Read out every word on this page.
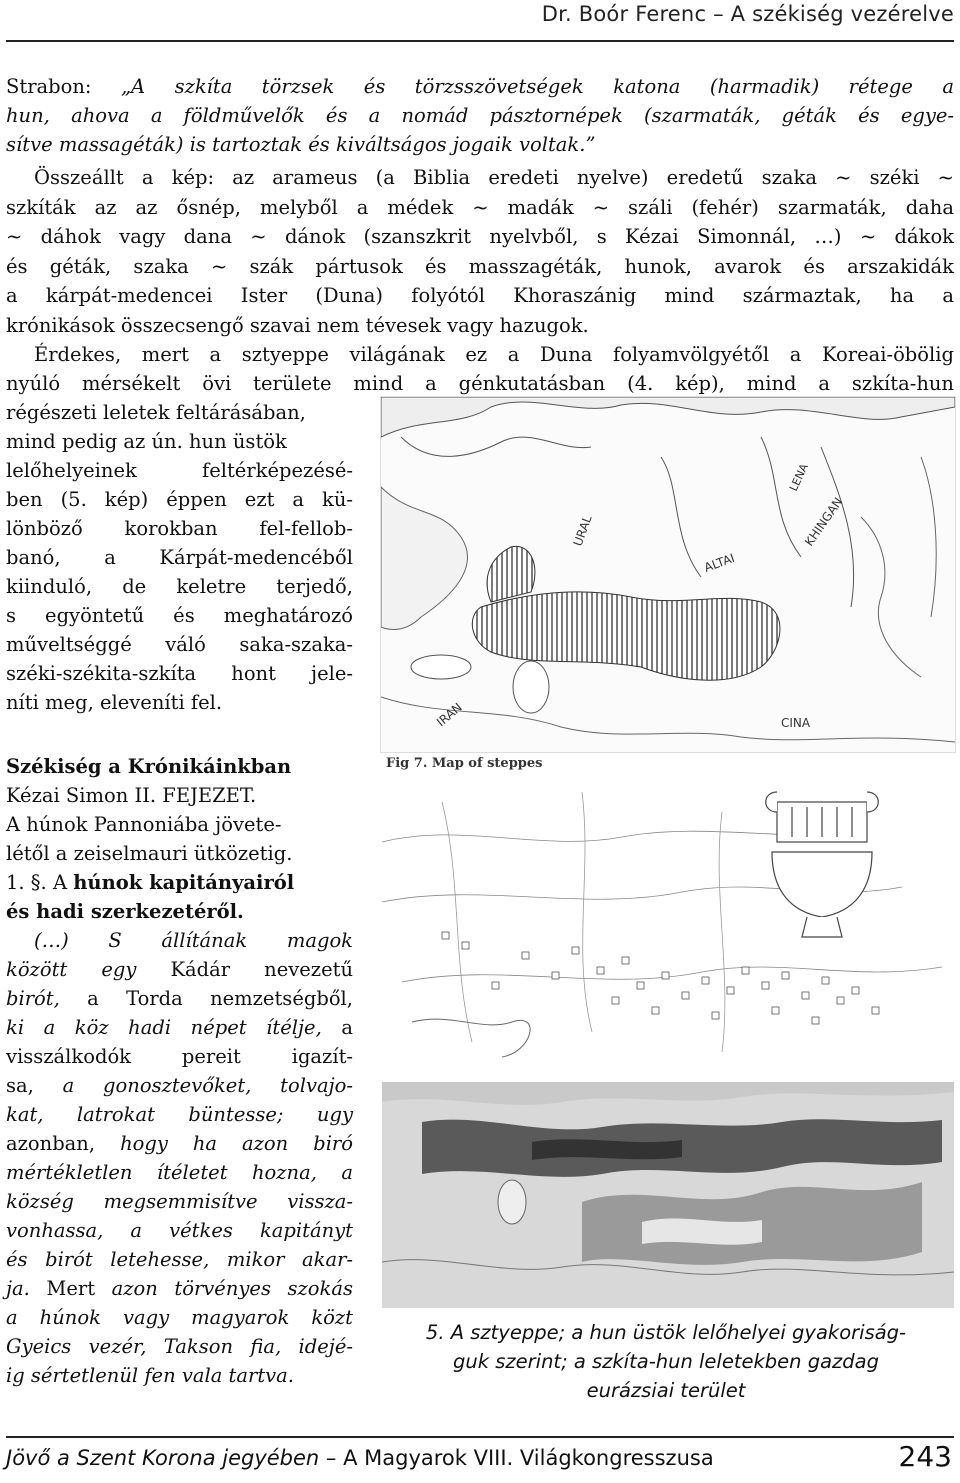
Dr. Boór Ferenc – A székiség vezérelve

Strabon: „A szkíta törzsek és törzsszövetségek katona (harmadik) rétege a

hun, ahova a földművelők és a nomád pásztornépek (szarmaták, géták és egye-

sítve massagéták) is tartoztak és kiváltságos jogaik voltak.”

Összeállt a kép: az arameus (a Biblia eredeti nyelve) eredetű szaka ~ széki ~

szkíták az az ősnép, melyből a médek ~ madák ~ száli (fehér) szarmaták, daha

~ dáhok vagy dana ~ dánok (szanszkrit nyelvből, s Kézai Simonnál, …) ~ dákok

és géták, szaka ~ szák pártusok és masszagéták, hunok, avarok és arszakidák

a kárpát-medencei Ister (Duna) folyótól Khoraszánig mind származtak, ha a

krónikások összecsengő szavai nem tévesek vagy hazugok.

Érdekes, mert a sztyeppe világának ez a Duna folyamvölgyétől a Koreai-öbölig

nyúló mérsékelt övi területe mind a génkutatásban (4. kép), mind a szkíta-hun

régészeti leletek feltárásában,

mind pedig az ún. hun üstök

lelőhelyeinek feltérképezésé-

ben (5. kép) éppen ezt a kü-

lönböző korokban fel-fellob-

banó, a Kárpát-medencéből

kiinduló, de keletre terjedő,

s egyöntetű és meghatározó

műveltséggé váló saka-szaka-

széki-székita-szkíta hont jele-

níti meg, eleveníti fel.

Székiség a Krónikáinkban

Kézai Simon II. FEJEZET.

A húnok Pannoniába jövete-

létől a zeiselmauri ütközetig.

1. §. A húnok kapitányairól

és hadi szerkezetéről.

(…) S állítának magok

között egy Kádár nevezetű

birót, a Torda nemzetségből,

ki a köz hadi népet ítélje, a

visszálkodók pereit igazít-

sa, a gonosztevőket, tolvajo-

kat, latrokat büntesse; ugy

azonban, hogy ha azon biró

mértékletlen ítéletet hozna, a

község megsemmisítve vissza-

vonhassa, a vétkes kapitányt

és birót letehesse, mikor akar-

ja. Mert azon törvényes szokás

a húnok vagy magyarok közt

Gyeics vezér, Takson fia, idejé-

ig sértetlenül fen vala tartva.

URAL
ALTAI
KHINGAN
LENA
IRAN	CINA
Fig 7. Map of steppes

5. A sztyeppe; a hun üstök lelőhelyei gyakoriság-

guk szerint; a szkíta-hun leletekben gazdag

eurázsiai terület

Jövő a Szent Korona jegyében – A Magyarok VIII. Világkongresszusa	243
